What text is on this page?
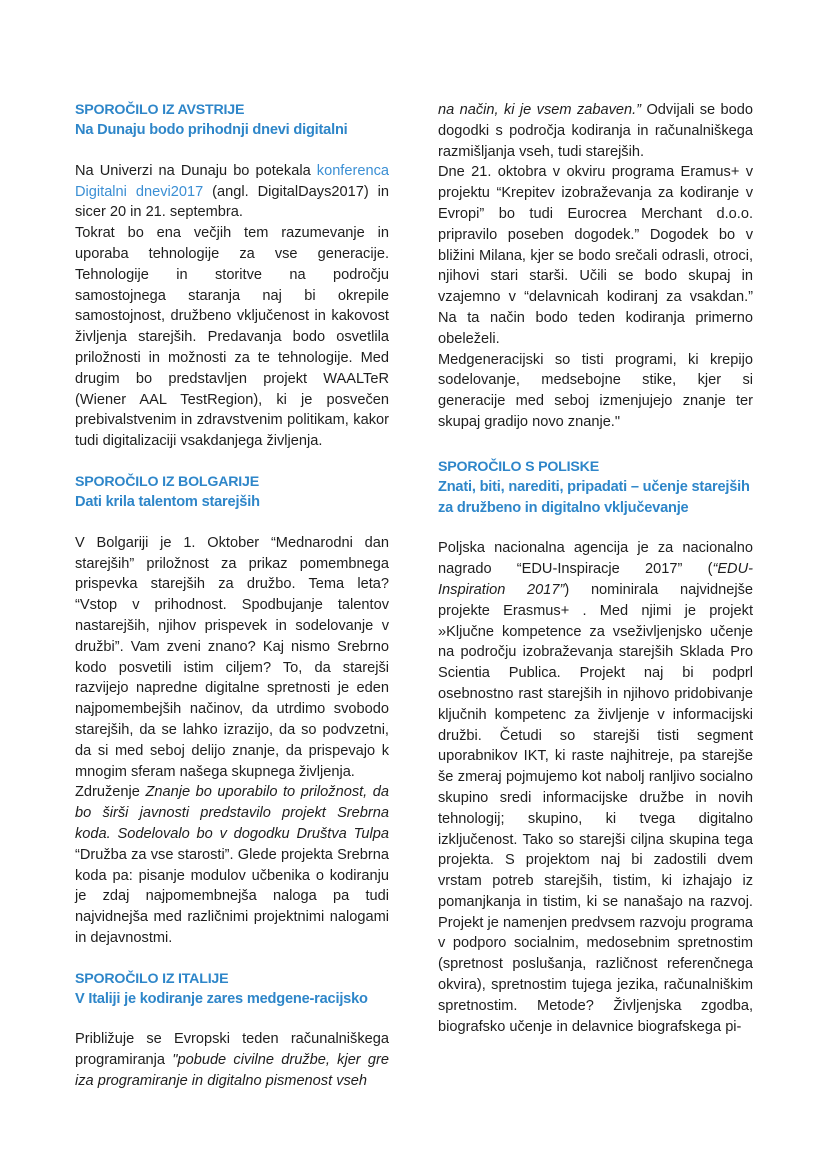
SPOROČILO IZ AVSTRIJE
Na Dunaju bodo prihodnji dnevi digitalni

Na Univerzi na Dunaju bo potekala konferenca Digitalni dnevi2017 (angl. DigitalDays2017) in sicer 20 in 21. septembra.

Tokrat bo ena večjih tem razumevanje in uporaba tehnologije za vse generacije. Tehnologije in storitve na področju samostojnega staranja naj bi okrepile samostojnost, družbeno vključenost in kakovost življenja starejših. Predavanja bodo osvetlila priložnosti in možnosti za te tehnologije. Med drugim bo predstavljen projekt WAALTeR (Wiener AAL TestRegion), ki je posvečen prebivalstvenim in zdravstvenim politikam, kakor tudi digitalizaciji vsakdanjega življenja.

SPOROČILO IZ BOLGARIJE
Dati krila talentom starejših

V Bolgariji je 1. Oktober “Mednarodni dan starejših” priložnost za prikaz pomembnega prispevka starejših za družbo. Tema leta? “Vstop v prihodnost. Spodbujanje talentov nastarejših, njihov prispevek in sodelovanje v družbi”. Vam zveni znano? Kaj nismo Srebrno kodo posvetili istim ciljem? To, da starejši razvijejo napredne digitalne spretnosti je eden najpomembejših načinov, da utrdimo svobodo starejših, da se lahko izrazijo, da so podvzetni, da si med seboj delijo znanje, da prispevajo k mnogim sferam našega skupnega življenja.

Združenje Znanje bo uporabilo to priložnost, da bo širši javnosti predstavilo projekt Srebrna koda. Sodelovalo bo v dogodku Društva Tulpa “Družba za vse starosti”. Glede projekta Srebrna koda pa: pisanje modulov učbenika o kodiranju je zdaj najpomembnejša naloga pa tudi najvidnejša med različnimi projektnimi nalogami in dejavnostmi.

SPOROČILO IZ ITALIJE
V Italiji je kodiranje zares medgene-racijsko

Približuje se Evropski teden računalniškega programiranja "pobude civilne družbe, kjer gre iza programiranje in digitalno pismenost vseh

na način, ki je vsem zabaven.” Odvijali se bodo dogodki s področja kodiranja in računalniškega razmišljanja vseh, tudi starejših.

Dne 21. oktobra v okviru programa Eramus+ v projektu “Krepitev izobraževanja za kodiranje v Evropi” bo tudi Eurocrea Merchant d.o.o. pripravilo poseben dogodek.” Dogodek bo v bližini Milana, kjer se bodo srečali odrasli, otroci, njihovi stari starši. Učili se bodo skupaj in vzajemno v “delavnicah kodiranj za vsakdan.” Na ta način bodo teden kodiranja primerno obeleželi.

Medgeneracijski so tisti programi, ki krepijo sodelovanje, medsebojne stike, kjer si generacije med seboj izmenjujejo znanje ter skupaj gradijo novo znanje."

SPOROČILO S POLISKE
Znati, biti, narediti, pripadati – učenje starejših za družbeno in digitalno vključevanje

Poljska nacionalna agencija je za nacionalno nagrado “EDU-Inspiracje 2017” (“EDU-Inspiration 2017”) nominirala najvidnejše projekte Erasmus+ . Med njimi je projekt »Ključne kompetence za vseživljenjsko učenje na področju izobraževanja starejših Sklada Pro Scientia Publica. Projekt naj bi podprl osebnostno rast starejših in njihovo pridobivanje ključnih kompetenc za življenje v informacijski družbi. Četudi so starejši tisti segment uporabnikov IKT, ki raste najhitreje, pa starejše še zmeraj pojmujemo kot nabolj ranljivo socialno skupino sredi informacijske družbe in novih tehnologij; skupino, ki tvega digitalno izključenost. Tako so starejši ciljna skupina tega projekta. S projektom naj bi zadostili dvem vrstam potreb starejših, tistim, ki izhajajo iz pomanjkanja in tistim, ki se nanašajo na razvoj. Projekt je namenjen predvsem razvoju programa v podporo socialnim, medosebnim spretnostim (spretnost poslušanja, različnost referenčnega okvira), spretnostim tujega jezika, računalniškim spretnostim. Metode? Življenjska zgodba, biografsko učenje in delavnice biografskega pi-
